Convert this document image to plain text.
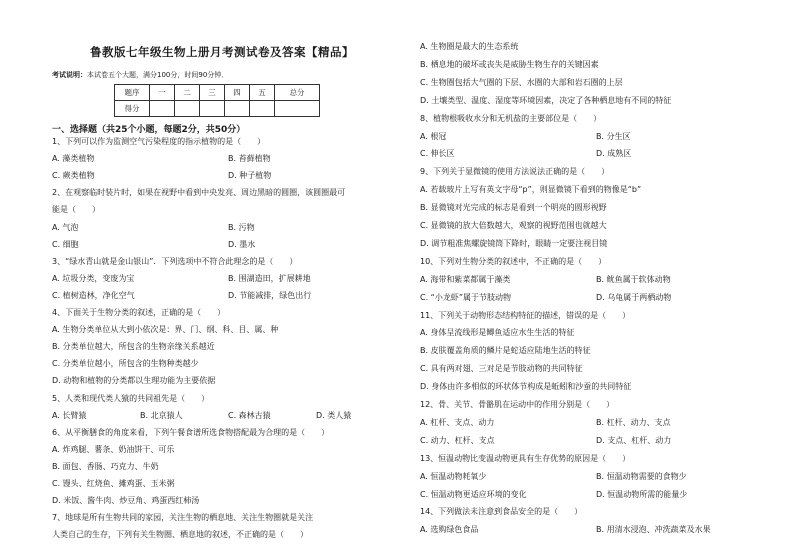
鲁教版七年级生物上册月考测试卷及答案【精品】
考试说明：本试卷五个大题，满分100分，时间90分钟．
题序	一	二	三	四	五	总分
得分						
一、选择题（共25个小题，每题2分，共50分）
1、下列可以作为监测空气污染程度的指示植物的是（　　）
A. 藻类植物	B. 苔藓植物
C. 蕨类植物	D. 种子植物
2、在观察临时装片时，如果在视野中看到中央发亮、周边黑暗的圆圈，该圆圈最可
能是（　　）
A. 气泡	B. 污物
C. 细胞	D. 墨水
3、“绿水青山就是金山银山”．下列选项中不符合此理念的是（　　）
A. 垃圾分类，变废为宝	B. 围湖造田，扩展耕地
C. 植树造林，净化空气	D. 节能减排，绿色出行
4、下面关于生物分类的叙述，正确的是（　　）
A. 生物分类单位从大到小依次是：界、门、纲、科、目、属、种
B. 分类单位越大，所包含的生物亲缘关系越近
C. 分类单位越小，所包含的生物种类越少
D. 动物和植物的分类都以生理功能为主要依据
5、人类和现代类人猿的共同祖先是（　　）
A. 长臂猿	B. 北京猿人	C. 森林古猿	D. 类人猿
6、从平衡膳食的角度来看，下列午餐食谱所选食物搭配最为合理的是（　　）
A. 炸鸡腿、薯条、奶油饼干、可乐
B. 面包、香肠、巧克力、牛奶
C. 馒头、红烧鱼、摊鸡蛋、玉米粥
D. 米饭、酱牛肉、炒豆角、鸡蛋西红柿汤
7、地球是所有生物共同的家园，关注生物的栖息地、关注生物圈就是关注
人类自己的生存，下列有关生物圈、栖息地的叙述，不正确的是（　　）
A. 生物圈是最大的生态系统
B. 栖息地的破坏或丧失是威胁生物生存的关键因素
C. 生物圈包括大气圈的下层、水圈的大部和岩石圈的上层
D. 土壤类型、温度、湿度等环境因素，决定了各种栖息地有不同的特征
8、植物根吸收水分和无机盐的主要部位是（　　）
A. 根冠	B. 分生区
C. 伸长区	D. 成熟区
9、下列关于显微镜的使用方法说法正确的是（　　）
A. 若载玻片上写有英文字母“p”，则显微镜下看到的物像是“b”
B. 显微镜对光完成的标志是看到一个明亮的圆形视野
C. 显微镜的放大倍数越大，观察的视野范围也就越大
D. 调节粗准焦螺旋镜筒下降时，眼睛一定要注视目镜
10、下列对生物分类的叙述中，不正确的是（　　）
A. 海带和紫菜都属于藻类	B. 鱿鱼属于软体动物
C. “小龙虾”属于节肢动物	D. 乌龟属于两栖动物
11、下列关于动物形态结构特征的描述，错误的是（　　）
A. 身体呈流线形是鲫鱼适应水生生活的特征
B. 皮肤覆盖角质的鳞片是蛇适应陆地生活的特征
C. 具有两对翅、三对足是节肢动物的共同特征
D. 身体由许多相似的环状体节构成是蚯蚓和沙蚕的共同特征
12、骨、关节、骨骼肌在运动中的作用分别是（　　）
A. 杠杆、支点、动力	B. 杠杆、动力、支点
C. 动力、杠杆、支点	D. 支点、杠杆、动力
13、恒温动物比变温动物更具有生存优势的原因是（　　）
A. 恒温动物耗氧少	B. 恒温动物需要的食物少
C. 恒温动物更适应环境的变化	D. 恒温动物所需的能量少
14、下列做法未注意到食品安全的是（　　）
A. 选购绿色食品	B. 用清水浸泡、冲洗蔬菜及水果
